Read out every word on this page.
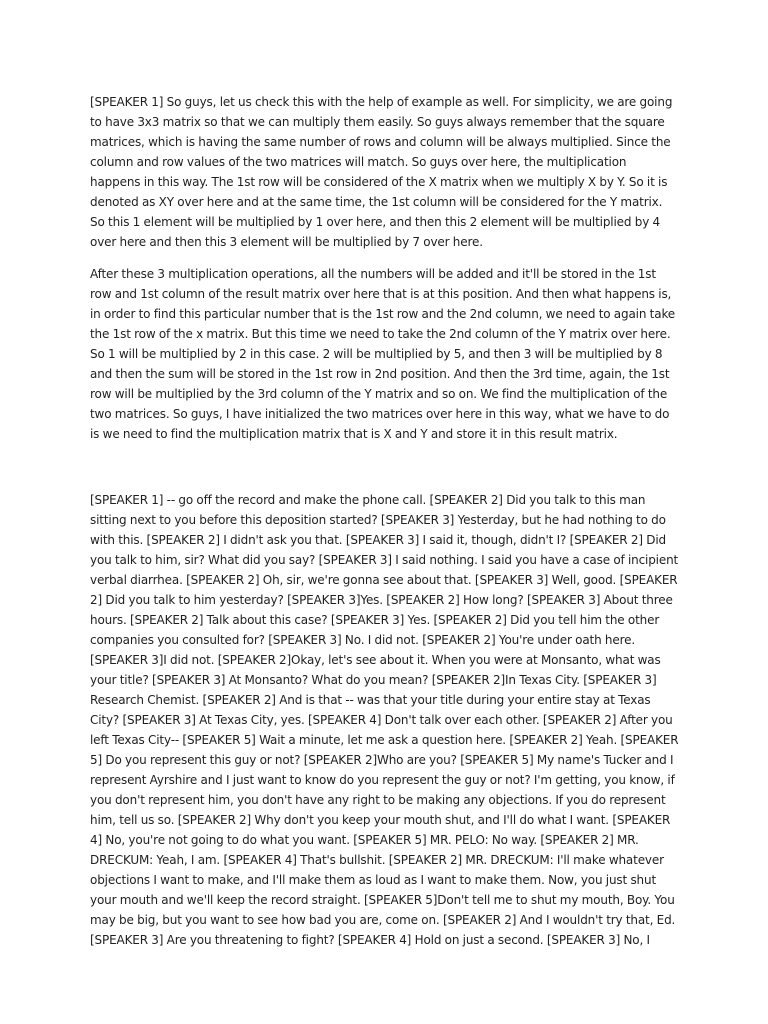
[SPEAKER 1] So guys, let us check this with the help of example as well. For simplicity, we are going to have 3x3 matrix so that we can multiply them easily. So guys always remember that the square matrices, which is having the same number of rows and column will be always multiplied. Since the column and row values of the two matrices will match. So guys over here, the multiplication happens in this way. The 1st row will be considered of the X matrix when we multiply X by Y. So it is denoted as XY over here and at the same time, the 1st column will be considered for the Y matrix. So this 1 element will be multiplied by 1 over here, and then this 2 element will be multiplied by 4 over here and then this 3 element will be multiplied by 7 over here.

After these 3 multiplication operations, all the numbers will be added and it'll be stored in the 1st row and 1st column of the result matrix over here that is at this position. And then what happens is, in order to find this particular number that is the 1st row and the 2nd column, we need to again take the 1st row of the x matrix. But this time we need to take the 2nd column of the Y matrix over here. So 1 will be multiplied by 2 in this case. 2 will be multiplied by 5, and then 3 will be multiplied by 8 and then the sum will be stored in the 1st row in 2nd position. And then the 3rd time, again, the 1st row will be multiplied by the 3rd column of the Y matrix and so on. We find the multiplication of the two matrices. So guys, I have initialized the two matrices over here in this way, what we have to do is we need to find the multiplication matrix that is X and Y and store it in this result matrix.

[SPEAKER 1] -- go off the record and make the phone call. [SPEAKER 2] Did you talk to this man sitting next to you before this deposition started? [SPEAKER 3] Yesterday, but he had nothing to do with this. [SPEAKER 2] I didn't ask you that. [SPEAKER 3] I said it, though, didn't I? [SPEAKER 2] Did you talk to him, sir? What did you say? [SPEAKER 3] I said nothing. I said you have a case of incipient verbal diarrhea. [SPEAKER 2] Oh, sir, we're gonna see about that. [SPEAKER 3] Well, good. [SPEAKER 2] Did you talk to him yesterday? [SPEAKER 3]Yes. [SPEAKER 2] How long? [SPEAKER 3] About three hours. [SPEAKER 2] Talk about this case? [SPEAKER 3] Yes. [SPEAKER 2] Did you tell him the other companies you consulted for? [SPEAKER 3] No. I did not. [SPEAKER 2] You're under oath here. [SPEAKER 3]I did not. [SPEAKER 2]Okay, let's see about it. When you were at Monsanto, what was your title? [SPEAKER 3] At Monsanto? What do you mean? [SPEAKER 2]In Texas City. [SPEAKER 3] Research Chemist. [SPEAKER 2] And is that -- was that your title during your entire stay at Texas City? [SPEAKER 3] At Texas City, yes. [SPEAKER 4] Don't talk over each other. [SPEAKER 2] After you left Texas City-- [SPEAKER 5] Wait a minute, let me ask a question here. [SPEAKER 2] Yeah. [SPEAKER 5] Do you represent this guy or not? [SPEAKER 2]Who are you? [SPEAKER 5] My name's Tucker and I represent Ayrshire and I just want to know do you represent the guy or not? I'm getting, you know, if you don't represent him, you don't have any right to be making any objections. If you do represent him, tell us so. [SPEAKER 2] Why don't you keep your mouth shut, and I'll do what I want. [SPEAKER 4] No, you're not going to do what you want. [SPEAKER 5] MR. PELO: No way. [SPEAKER 2] MR. DRECKUM: Yeah, I am. [SPEAKER 4] That's bullshit. [SPEAKER 2] MR. DRECKUM: I'll make whatever objections I want to make, and I'll make them as loud as I want to make them. Now, you just shut your mouth and we'll keep the record straight. [SPEAKER 5]Don't tell me to shut my mouth, Boy. You may be big, but you want to see how bad you are, come on. [SPEAKER 2] And I wouldn't try that, Ed. [SPEAKER 3] Are you threatening to fight? [SPEAKER 4] Hold on just a second. [SPEAKER 3] No, I
